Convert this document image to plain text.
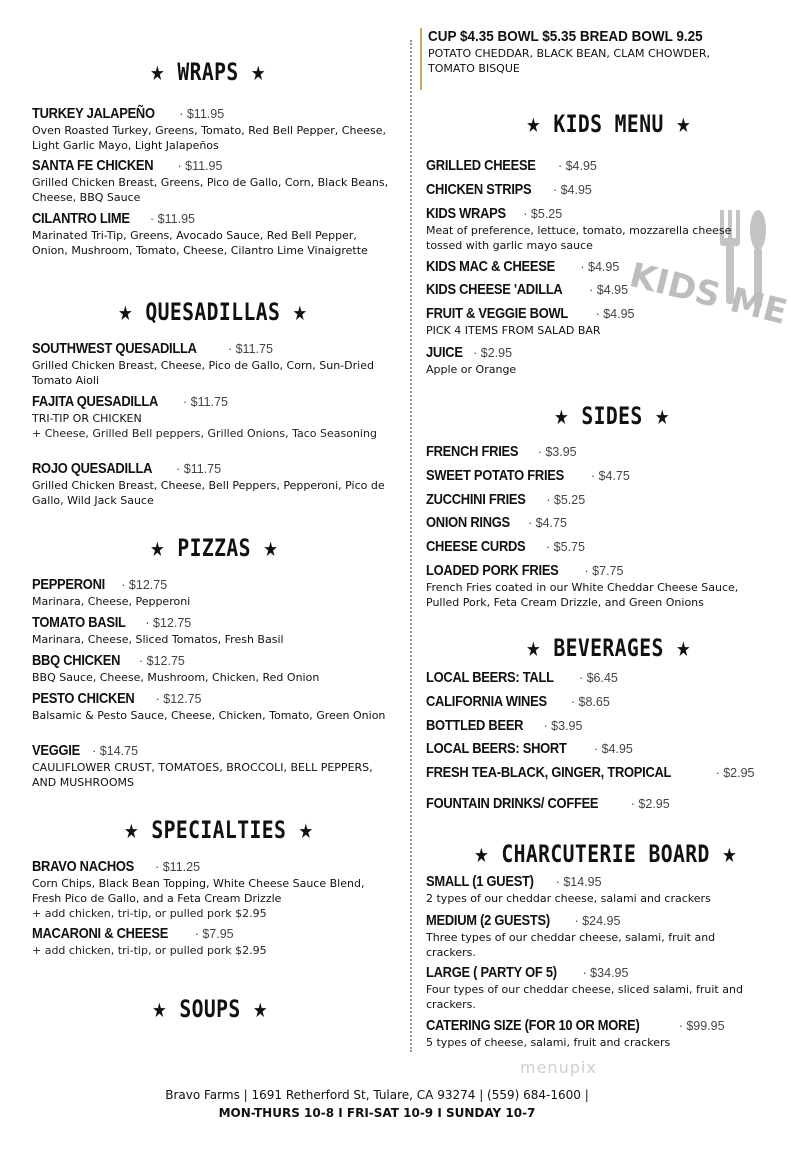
★ WRAPS ★
TURKEY JALAPEÑO · $11.95
Oven Roasted Turkey, Greens, Tomato, Red Bell Pepper, Cheese, Light Garlic Mayo, Light Jalapeños
SANTA FE CHICKEN · $11.95
Grilled Chicken Breast, Greens, Pico de Gallo, Corn, Black Beans, Cheese, BBQ Sauce
CILANTRO LIME · $11.95
Marinated Tri-Tip, Greens, Avocado Sauce, Red Bell Pepper, Onion, Mushroom, Tomato, Cheese, Cilantro Lime Vinaigrette
★ QUESADILLAS ★
SOUTHWEST QUESADILLA	· $11.75
Grilled Chicken Breast, Cheese, Pico de Gallo, Corn, Sun-Dried Tomato Aioli
FAJITA QUESADILLA · $11.75
TRI-TIP OR CHICKEN
+ Cheese, Grilled Bell peppers, Grilled Onions, Taco Seasoning
ROJO QUESADILLA · $11.75
Grilled Chicken Breast, Cheese, Bell Peppers, Pepperoni, Pico de Gallo, Wild Jack Sauce
★ PIZZAS ★
PEPPERONI · $12.75
Marinara, Cheese, Pepperoni
TOMATO BASIL · $12.75
Marinara, Cheese, Sliced Tomatos, Fresh Basil
BBQ CHICKEN · $12.75
BBQ Sauce, Cheese, Mushroom, Chicken, Red Onion
PESTO CHICKEN · $12.75
Balsamic & Pesto Sauce, Cheese, Chicken, Tomato, Green Onion
VEGGIE · $14.75
CAULIFLOWER CRUST, TOMATOES, BROCCOLI, BELL PEPPERS, AND MUSHROOMS
★ SPECIALTIES ★
BRAVO NACHOS · $11.25
Corn Chips, Black Bean Topping, White Cheese Sauce Blend, Fresh Pico de Gallo, and a Feta Cream Drizzle
+ add chicken, tri-tip, or pulled pork $2.95
MACARONI & CHEESE · $7.95
+ add chicken, tri-tip, or pulled pork $2.95
★ SOUPS ★
CUP $4.35 BOWL $5.35 BREAD BOWL 9.25
POTATO CHEDDAR, BLACK BEAN, CLAM CHOWDER, TOMATO BISQUE
KIDS ME
★ KIDS MENU ★
GRILLED CHEESE · $4.95
CHICKEN STRIPS · $4.95
KIDS WRAPS · $5.25
Meat of preference, lettuce, tomato, mozzarella cheese tossed with garlic mayo sauce
KIDS MAC & CHEESE · $4.95
KIDS CHEESE 'ADILLA · $4.95
FRUIT & VEGGIE BOWL · $4.95
PICK 4 ITEMS FROM SALAD BAR
JUICE · $2.95
Apple or Orange
★ SIDES ★
FRENCH FRIES · $3.95
SWEET POTATO FRIES · $4.75
ZUCCHINI FRIES · $5.25
ONION RINGS · $4.75
CHEESE CURDS · $5.75
LOADED PORK FRIES · $7.75
French Fries coated in our White Cheddar Cheese Sauce, Pulled Pork, Feta Cream Drizzle, and Green Onions
★ BEVERAGES ★
LOCAL BEERS: TALL · $6.45
CALIFORNIA WINES · $8.65
BOTTLED BEER · $3.95
LOCAL BEERS: SHORT · $4.95
FRESH TEA-BLACK, GINGER, TROPICAL	· $2.95
FOUNTAIN DRINKS/ COFFEE	· $2.95
★ CHARCUTERIE BOARD ★
SMALL (1 GUEST) · $14.95
2 types of our cheddar cheese, salami and crackers
MEDIUM (2 GUESTS) · $24.95
Three types of our cheddar cheese, salami, fruit and crackers.
LARGE ( PARTY OF 5) · $34.95
Four types of our cheddar cheese, sliced salami, fruit and crackers.
CATERING SIZE (FOR 10 OR MORE)	· $99.95
5 types of cheese, salami, fruit and crackers
menupix
Bravo Farms | 1691 Retherford St, Tulare, CA 93274 | (559) 684-1600 |
MON-THURS 10-8 I FRI-SAT 10-9 I SUNDAY 10-7
